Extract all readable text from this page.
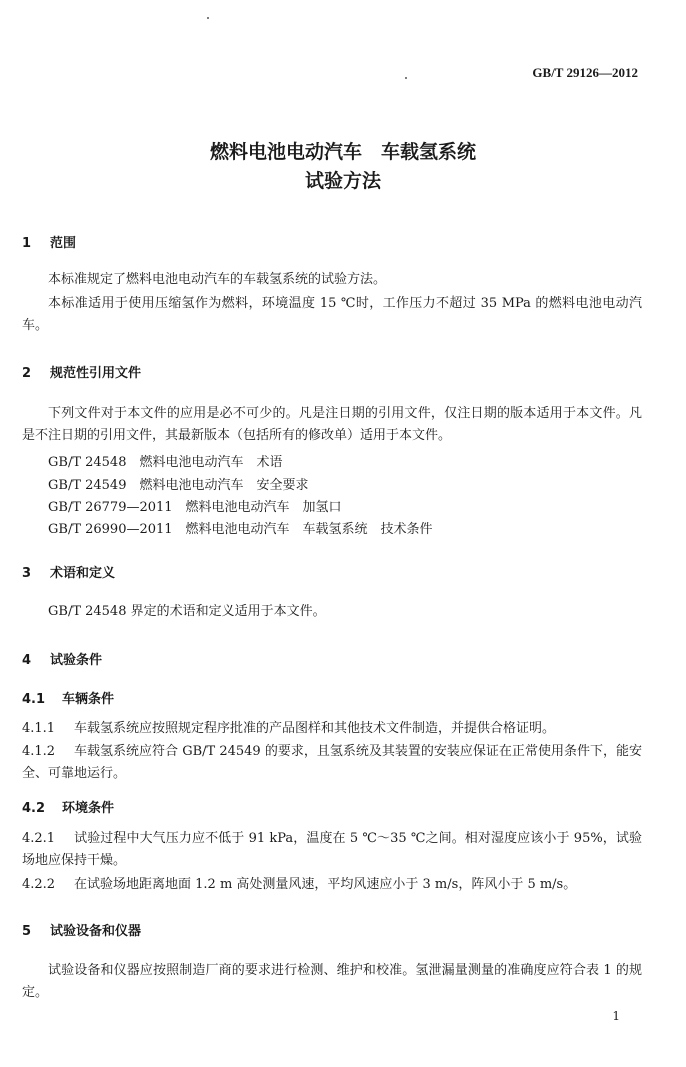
GB/T 29126—2012
燃料电池电动汽车　车载氢系统
试验方法
1 范围
本标准规定了燃料电池电动汽车的车载氢系统的试验方法。
本标准适用于使用压缩氢作为燃料，环境温度 15 ℃时，工作压力不超过 35 MPa 的燃料电池电动汽车。
2 规范性引用文件
下列文件对于本文件的应用是必不可少的。凡是注日期的引用文件，仅注日期的版本适用于本文件。凡是不注日期的引用文件，其最新版本（包括所有的修改单）适用于本文件。
GB/T 24548　燃料电池电动汽车　术语
GB/T 24549　燃料电池电动汽车　安全要求
GB/T 26779—2011　燃料电池电动汽车　加氢口
GB/T 26990—2011　燃料电池电动汽车　车载氢系统　技术条件
3 术语和定义
GB/T 24548 界定的术语和定义适用于本文件。
4 试验条件
4.1 车辆条件
4.1.1 车载氢系统应按照规定程序批准的产品图样和其他技术文件制造，并提供合格证明。
4.1.2 车载氢系统应符合 GB/T 24549 的要求，且氢系统及其装置的安装应保证在正常使用条件下，能安全、可靠地运行。
4.2 环境条件
4.2.1 试验过程中大气压力应不低于 91 kPa，温度在 5 ℃～35 ℃之间。相对湿度应该小于 95%，试验场地应保持干燥。
4.2.2 在试验场地距离地面 1.2 m 高处测量风速，平均风速应小于 3 m/s，阵风小于 5 m/s。
5 试验设备和仪器
试验设备和仪器应按照制造厂商的要求进行检测、维护和校准。氢泄漏量测量的准确度应符合表 1 的规定。
1
